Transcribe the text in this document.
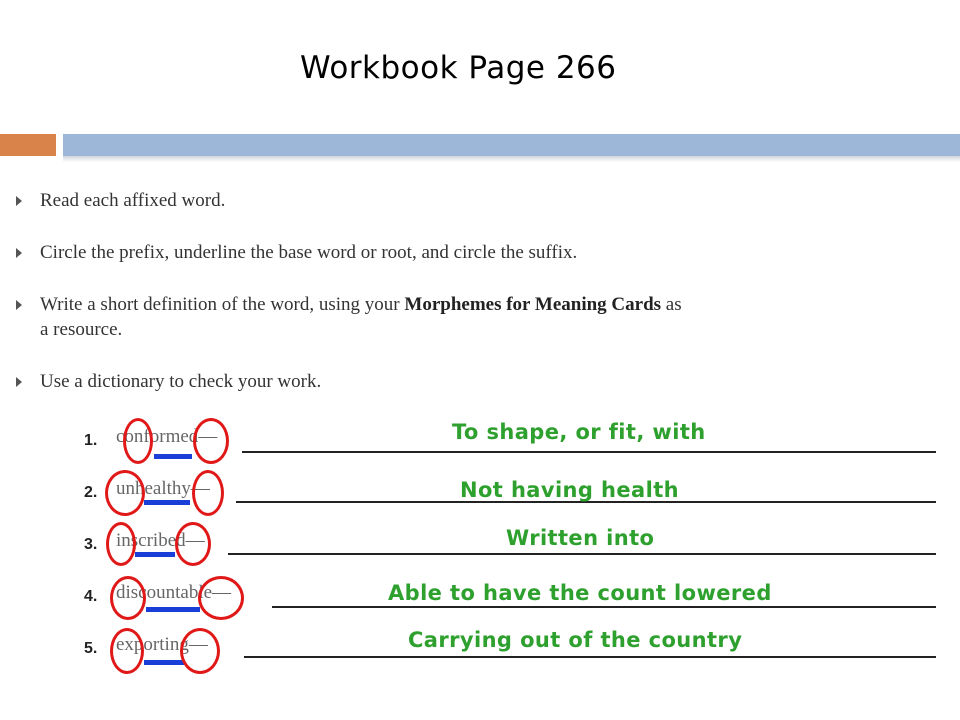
Workbook Page 266
Read each affixed word.
Circle the prefix, underline the base word or root, and circle the suffix.
Write a short definition of the word, using your Morphemes for Meaning Cards as
a resource.
Use a dictionary to check your work.
1. conformed—	To shape, or fit, with
2. unhealthy—	Not having health
3. inscribed—	Written into
4. discountable—	Able to have the count lowered
5. exporting—	Carrying out of the country
